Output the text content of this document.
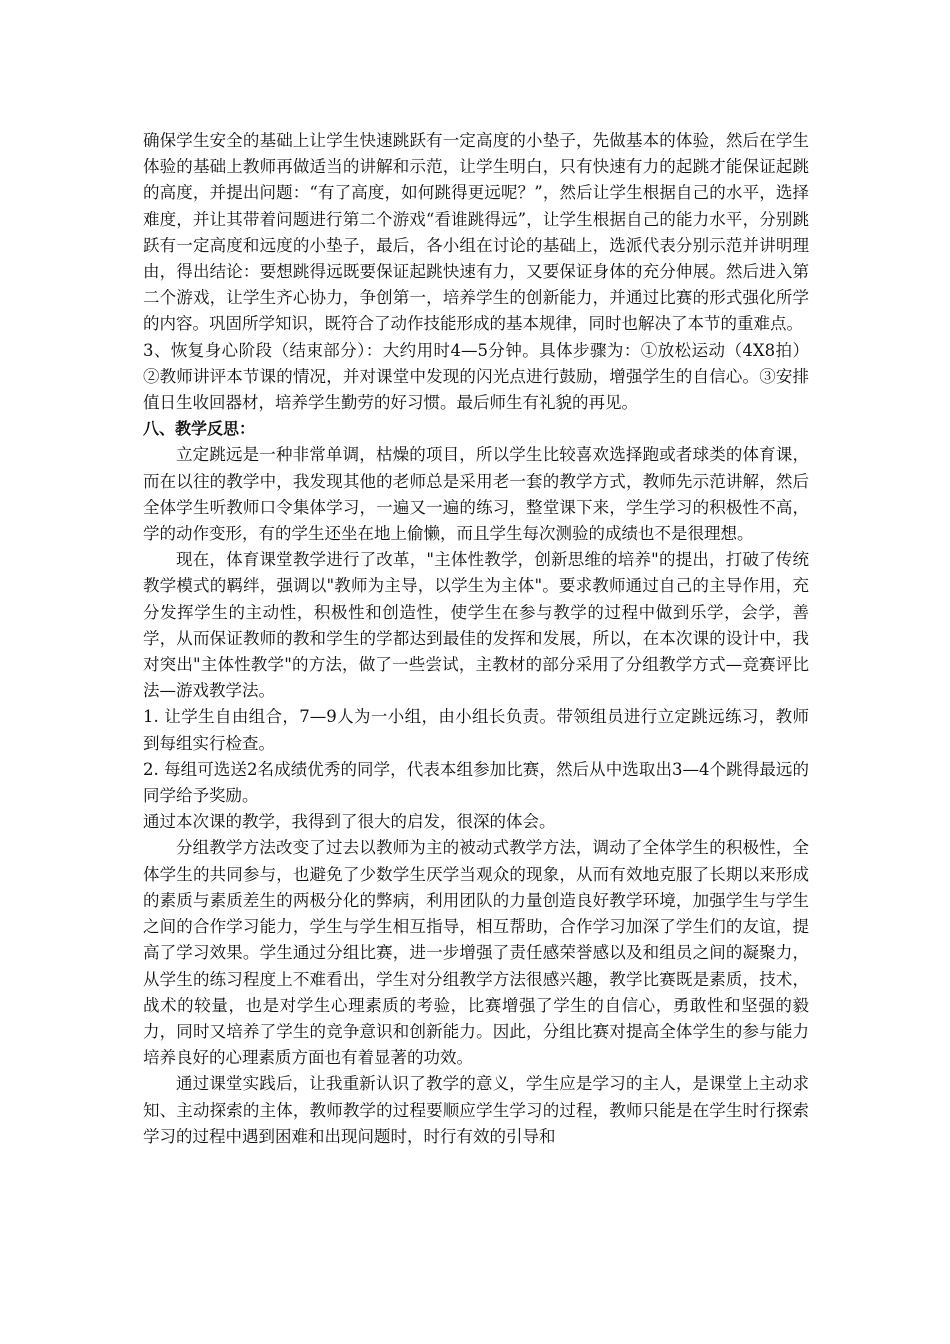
确保学生安全的基础上让学生快速跳跃有一定高度的小垫子，先做基本的体验，然后在学生体验的基础上教师再做适当的讲解和示范，让学生明白，只有快速有力的起跳才能保证起跳的高度，并提出问题：“有了高度，如何跳得更远呢？”，然后让学生根据自己的水平，选择难度，并让其带着问题进行第二个游戏“看谁跳得远”，让学生根据自己的能力水平，分别跳跃有一定高度和远度的小垫子，最后，各小组在讨论的基础上，选派代表分别示范并讲明理由，得出结论：要想跳得远既要保证起跳快速有力，又要保证身体的充分伸展。然后进入第二个游戏，让学生齐心协力，争创第一，培养学生的创新能力，并通过比赛的形式强化所学的内容。巩固所学知识，既符合了动作技能形成的基本规律，同时也解决了本节的重难点。

3、恢复身心阶段（结束部分）：大约用时4—5分钟。具体步骤为：①放松运动（4X8拍）②教师讲评本节课的情况，并对课堂中发现的闪光点进行鼓励，增强学生的自信心。③安排值日生收回器材，培养学生勤劳的好习惯。最后师生有礼貌的再见。

八、教学反思：

立定跳远是一种非常单调，枯燥的项目，所以学生比较喜欢选择跑或者球类的体育课，而在以往的教学中，我发现其他的老师总是采用老一套的教学方式，教师先示范讲解，然后全体学生听教师口令集体学习，一遍又一遍的练习，整堂课下来，学生学习的积极性不高，学的动作变形，有的学生还坐在地上偷懒，而且学生每次测验的成绩也不是很理想。

现在，体育课堂教学进行了改革，"主体性教学，创新思维的培养"的提出，打破了传统教学模式的羁绊，强调以"教师为主导，以学生为主体"。要求教师通过自己的主导作用，充分发挥学生的主动性，积极性和创造性，使学生在参与教学的过程中做到乐学，会学，善学，从而保证教师的教和学生的学都达到最佳的发挥和发展，所以，在本次课的设计中，我对突出"主体性教学"的方法，做了一些尝试，主教材的部分采用了分组教学方式—竞赛评比法—游戏教学法。

1. 让学生自由组合，7—9人为一小组，由小组长负责。带领组员进行立定跳远练习，教师到每组实行检查。

2. 每组可选送2名成绩优秀的同学，代表本组参加比赛，然后从中选取出3—4个跳得最远的同学给予奖励。

通过本次课的教学，我得到了很大的启发，很深的体会。

分组教学方法改变了过去以教师为主的被动式教学方法，调动了全体学生的积极性，全体学生的共同参与，也避免了少数学生厌学当观众的现象，从而有效地克服了长期以来形成的素质与素质差生的两极分化的弊病，利用团队的力量创造良好教学环境，加强学生与学生之间的合作学习能力，学生与学生相互指导，相互帮助，合作学习加深了学生们的友谊，提高了学习效果。学生通过分组比赛，进一步增强了责任感荣誉感以及和组员之间的凝聚力，从学生的练习程度上不难看出，学生对分组教学方法很感兴趣，教学比赛既是素质，技术，战术的较量，也是对学生心理素质的考验，比赛增强了学生的自信心，勇敢性和坚强的毅力，同时又培养了学生的竞争意识和创新能力。因此，分组比赛对提高全体学生的参与能力培养良好的心理素质方面也有着显著的功效。

通过课堂实践后，让我重新认识了教学的意义，学生应是学习的主人，是课堂上主动求知、主动探索的主体，教师教学的过程要顺应学生学习的过程，教师只能是在学生时行探索学习的过程中遇到困难和出现问题时，时行有效的引导和
